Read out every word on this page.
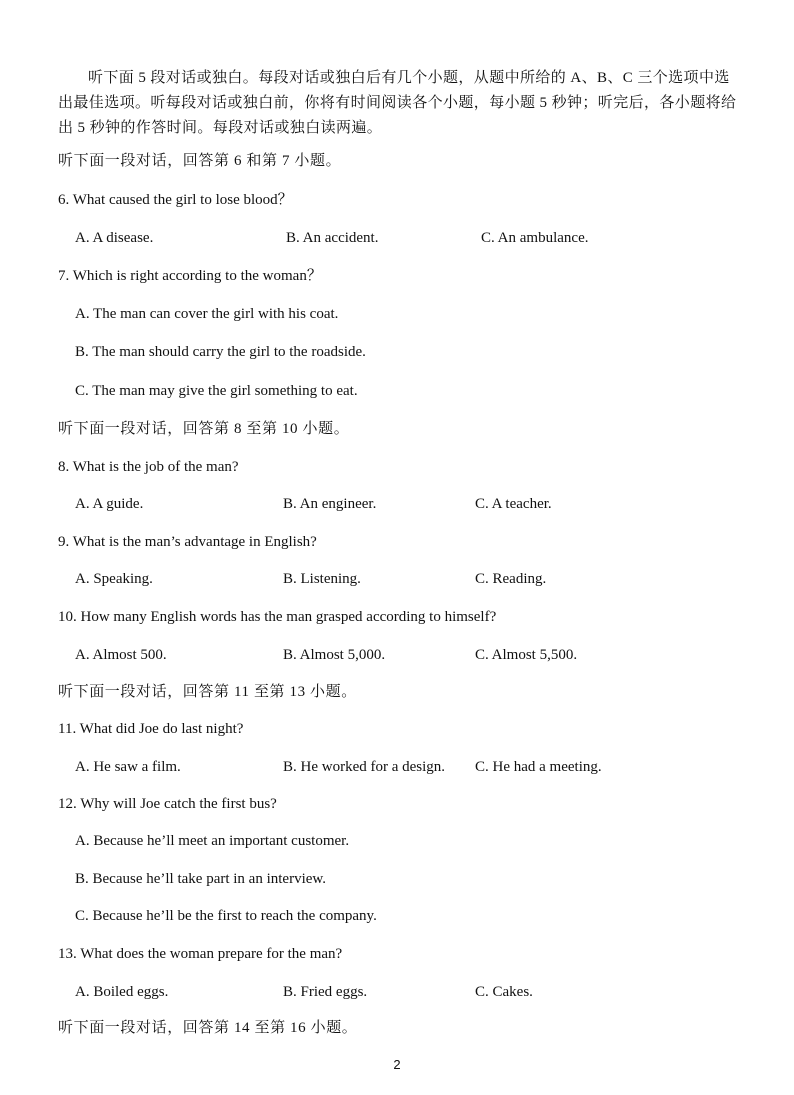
听下面 5 段对话或独白。每段对话或独白后有几个小题，从题中所给的 A、B、C 三个选项中选出最佳选项。听每段对话或独白前，你将有时间阅读各个小题，每小题 5 秒钟；听完后，各小题将给出 5 秒钟的作答时间。每段对话或独白读两遍。
听下面一段对话，回答第 6 和第 7 小题。
6. What caused the girl to lose blood？
A. A disease.	B. An accident.	C. An ambulance.
7. Which is right according to the woman？
A. The man can cover the girl with his coat.
B. The man should carry the girl to the roadside.
C. The man may give the girl something to eat.
听下面一段对话，回答第 8 至第 10 小题。
8. What is the job of the man?
A. A guide.	B. An engineer.	C. A teacher.
9. What is the man’s advantage in English?
A. Speaking.	B. Listening.	C. Reading.
10. How many English words has the man grasped according to himself?
A. Almost 500.	B. Almost 5,000.	C. Almost 5,500.
听下面一段对话，回答第 11 至第 13 小题。
11. What did Joe do last night?
A. He saw a film.	B. He worked for a design. C. He had a meeting.
12. Why will Joe catch the first bus?
A. Because he’ll meet an important customer.
B. Because he’ll take part in an interview.
C. Because he’ll be the first to reach the company.
13. What does the woman prepare for the man?
A. Boiled eggs.	B. Fried eggs.	C. Cakes.
听下面一段对话，回答第 14 至第 16 小题。
2
